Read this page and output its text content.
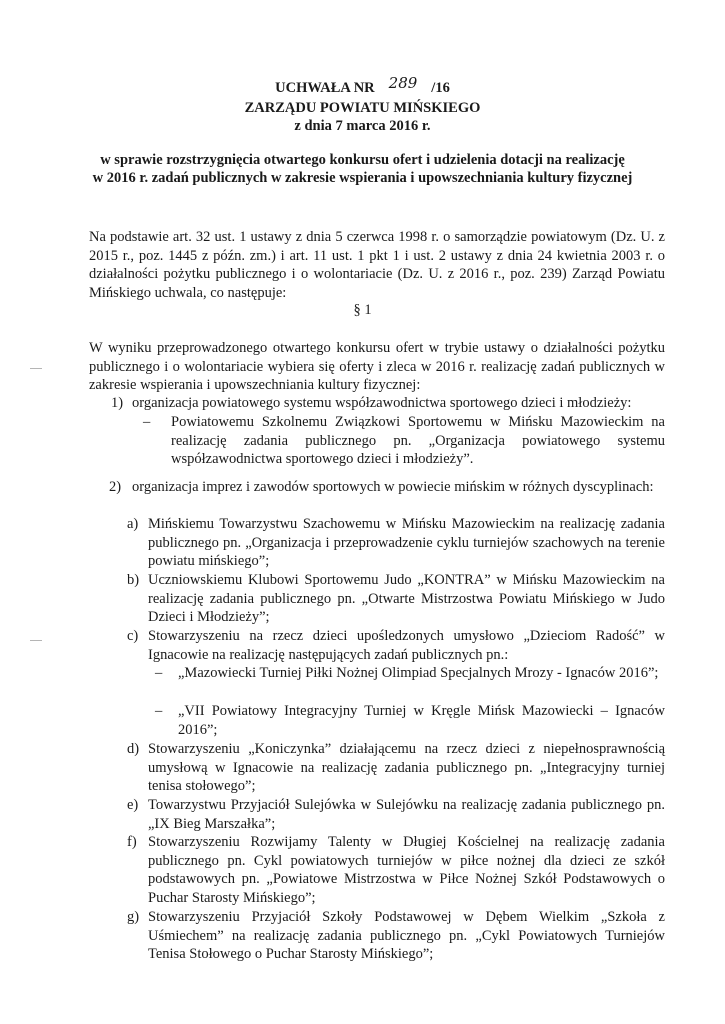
UCHWAŁA NR 289 /16
ZARZĄDU POWIATU MIŃSKIEGO
z dnia 7 marca 2016 r.
w sprawie rozstrzygnięcia otwartego konkursu ofert i udzielenia dotacji na realizację
w 2016 r. zadań publicznych w zakresie wspierania i upowszechniania kultury fizycznej
Na podstawie art. 32 ust. 1 ustawy z dnia 5 czerwca 1998 r. o samorządzie powiatowym (Dz. U. z 2015 r., poz. 1445 z późn. zm.) i art. 11 ust. 1 pkt 1 i ust. 2 ustawy z dnia 24 kwietnia 2003 r. o działalności pożytku publicznego i o wolontariacie (Dz. U. z 2016 r., poz. 239) Zarząd Powiatu Mińskiego uchwala, co następuje:
§ 1
W wyniku przeprowadzonego otwartego konkursu ofert w trybie ustawy o działalności pożytku publicznego i o wolontariacie wybiera się oferty i zleca w 2016 r. realizację zadań publicznych w zakresie wspierania i upowszechniania kultury fizycznej:
1) organizacja powiatowego systemu współzawodnictwa sportowego dzieci i młodzieży:
– Powiatowemu Szkolnemu Związkowi Sportowemu w Mińsku Mazowieckim na realizację zadania publicznego pn. „Organizacja powiatowego systemu współzawodnictwa sportowego dzieci i młodzieży”.
2) organizacja imprez i zawodów sportowych w powiecie mińskim w różnych dyscyplinach:
a) Mińskiemu Towarzystwu Szachowemu w Mińsku Mazowieckim na realizację zadania publicznego pn. „Organizacja i przeprowadzenie cyklu turniejów szachowych na terenie powiatu mińskiego”;
b) Uczniowskiemu Klubowi Sportowemu Judo „KONTRA” w Mińsku Mazowieckim na realizację zadania publicznego pn. „Otwarte Mistrzostwa Powiatu Mińskiego w Judo Dzieci i Młodzieży”;
c) Stowarzyszeniu na rzecz dzieci upośledzonych umysłowo „Dzieciom Radość” w Ignacowie na realizację następujących zadań publicznych pn.:
– „Mazowiecki Turniej Piłki Nożnej Olimpiad Specjalnych Mrozy - Ignaców 2016”;
– „VII Powiatowy Integracyjny Turniej w Kręgle Mińsk Mazowiecki – Ignaców 2016”;
d) Stowarzyszeniu „Koniczynka” działającemu na rzecz dzieci z niepełnosprawnością umysłową w Ignacowie na realizację zadania publicznego pn. „Integracyjny turniej tenisa stołowego”;
e) Towarzystwu Przyjaciół Sulejówka w Sulejówku na realizację zadania publicznego pn. „IX Bieg Marszałka”;
f) Stowarzyszeniu Rozwijamy Talenty w Długiej Kościelnej na realizację zadania publicznego pn. Cykl powiatowych turniejów w piłce nożnej dla dzieci ze szkół podstawowych pn. „Powiatowe Mistrzostwa w Piłce Nożnej Szkół Podstawowych o Puchar Starosty Mińskiego”;
g) Stowarzyszeniu Przyjaciół Szkoły Podstawowej w Dębem Wielkim „Szkoła z Uśmiechem” na realizację zadania publicznego pn. „Cykl Powiatowych Turniejów Tenisa Stołowego o Puchar Starosty Mińskiego”;
